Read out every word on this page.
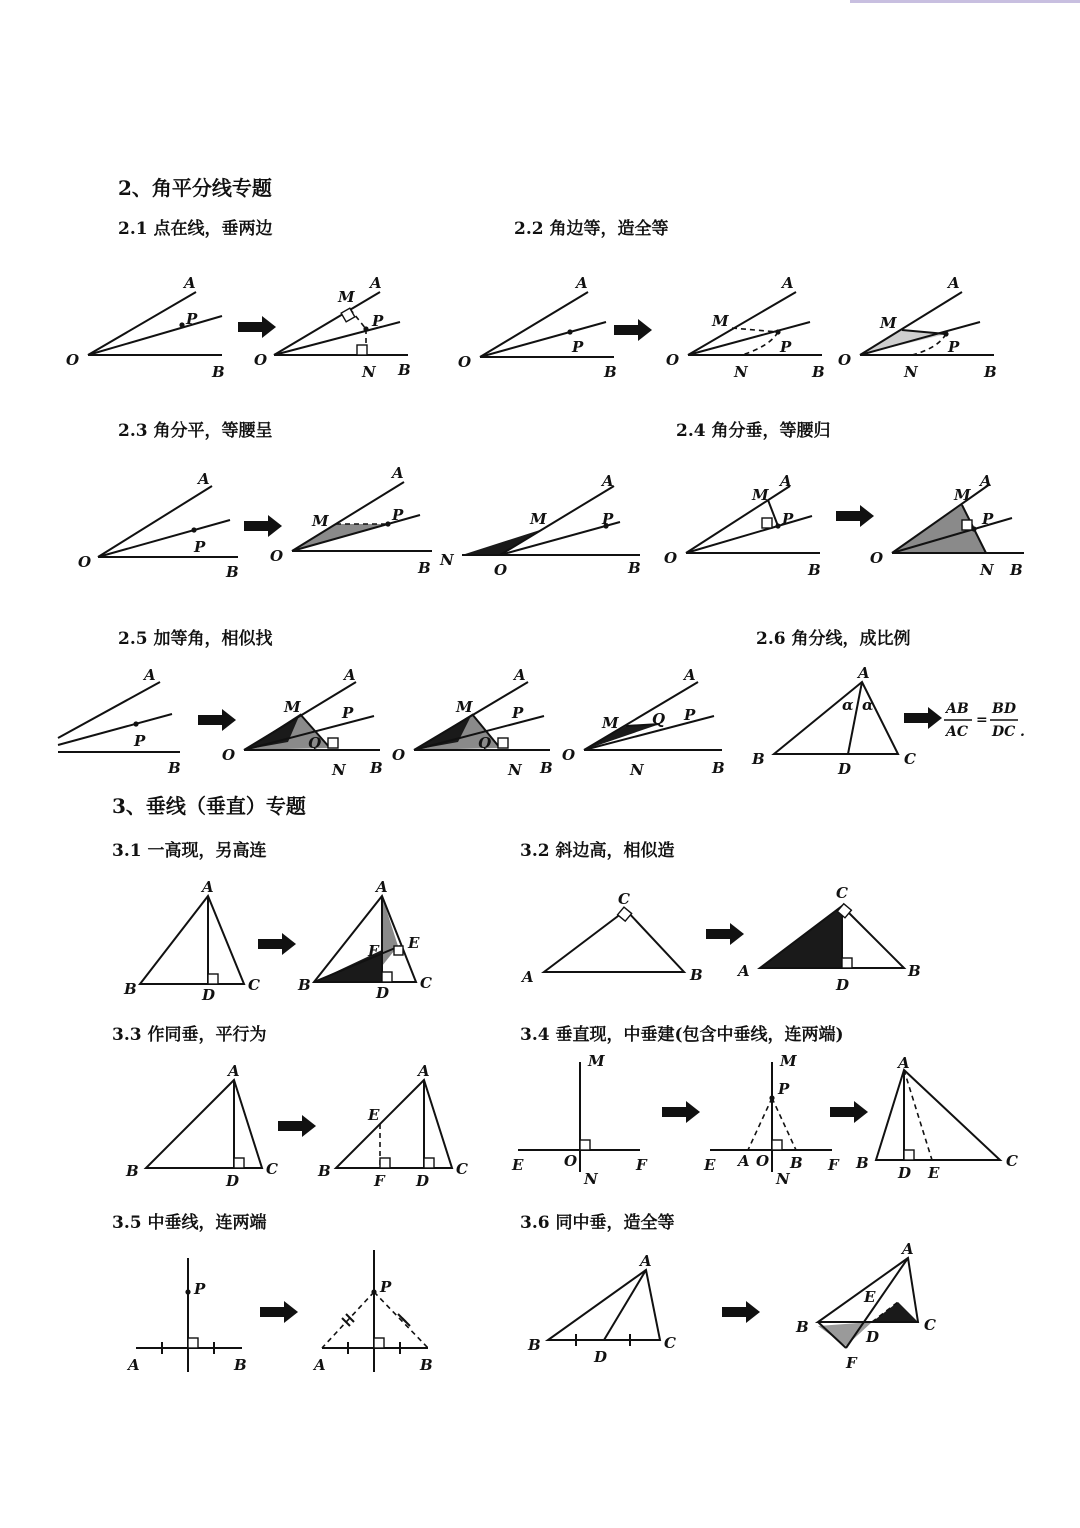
2、角平分线专题
2.1 点在线，垂两边	2.2 角边等，造全等
2.3 角分平，等腰呈	2.4 角分垂，等腰归
2.5 加等角，相似找	2.6 角分线，成比例
3、垂线（垂直）专题
3.1 一高现，另高连	3.2 斜边高，相似造
3.3 作同垂，平行为	3.4 垂直现，中垂建(包含中垂线，连两端)
3.5 中垂线，连两端	3.6 同中垂，造全等
O
A
P
B
O
M
A
P
N B	O
A
P
B
O
M
A
P
N	B
O
M
A
P
N	B
O
A
P
B
O
M
A
P
B N
O
M
A
P
B
O
M
A
P
B
O
M
A
P
N B
A
P
B
O
M
A
P
Q
N B
O
M
A
P
Q
N B
O
M Q
A
P
N	B
A
B
D
C
α α	AB
AC
=
BD
DC .
A
B	D
C
A
B
F E
D
C
C
A	B
C
A
D
B
A
B
D
C
A
E
B
F D
C
M
E	O
N
F
M
P
E A O B
N
F
A
B
D E
C
P
A	B
P
A	B
A
B
D
C
A
B
E
D
C
F
